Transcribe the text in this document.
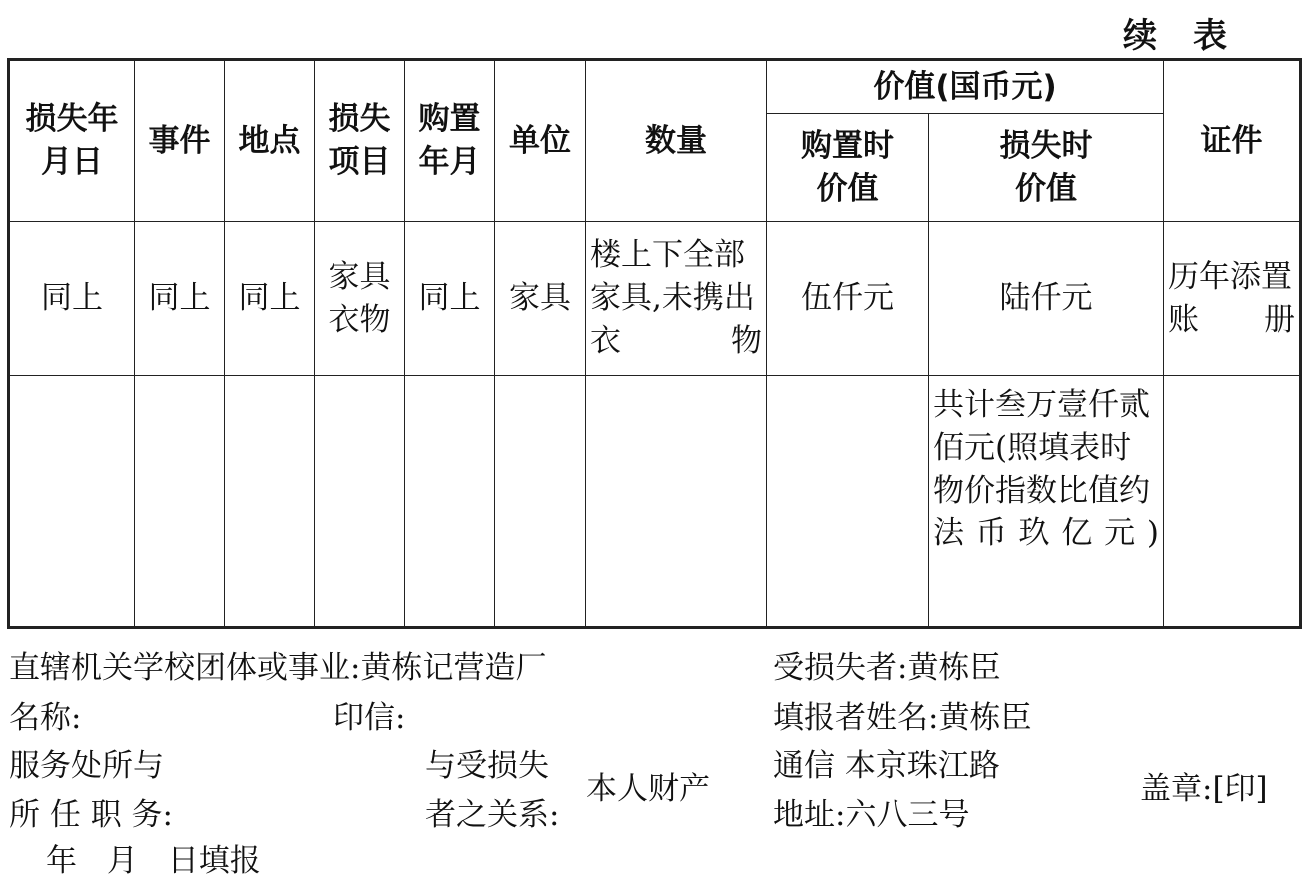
续表
损失年月日	事件	地点	损失项目	购置年月	单位	数量	价值(国币元)		证件
							购置时价值	损失时价值	
同上	同上	同上	家具衣物	同上	家具	楼上下全部家具,未携出衣物	伍仟元	陆仟元	历年添置账册
								共计叁万壹仟贰佰元(照填表时物价指数比值约法币玖亿元)	
直辖机关学校团体或事业:黄栋记营造厂
名称:	印信:
服务处所与
所 任 职 务:
与受损失
者之关系:
本人财产
受损失者:黄栋臣
填报者姓名:黄栋臣
通信 本京珠江路
地址:六八三号
盖章:[印]
年 月 日填报
